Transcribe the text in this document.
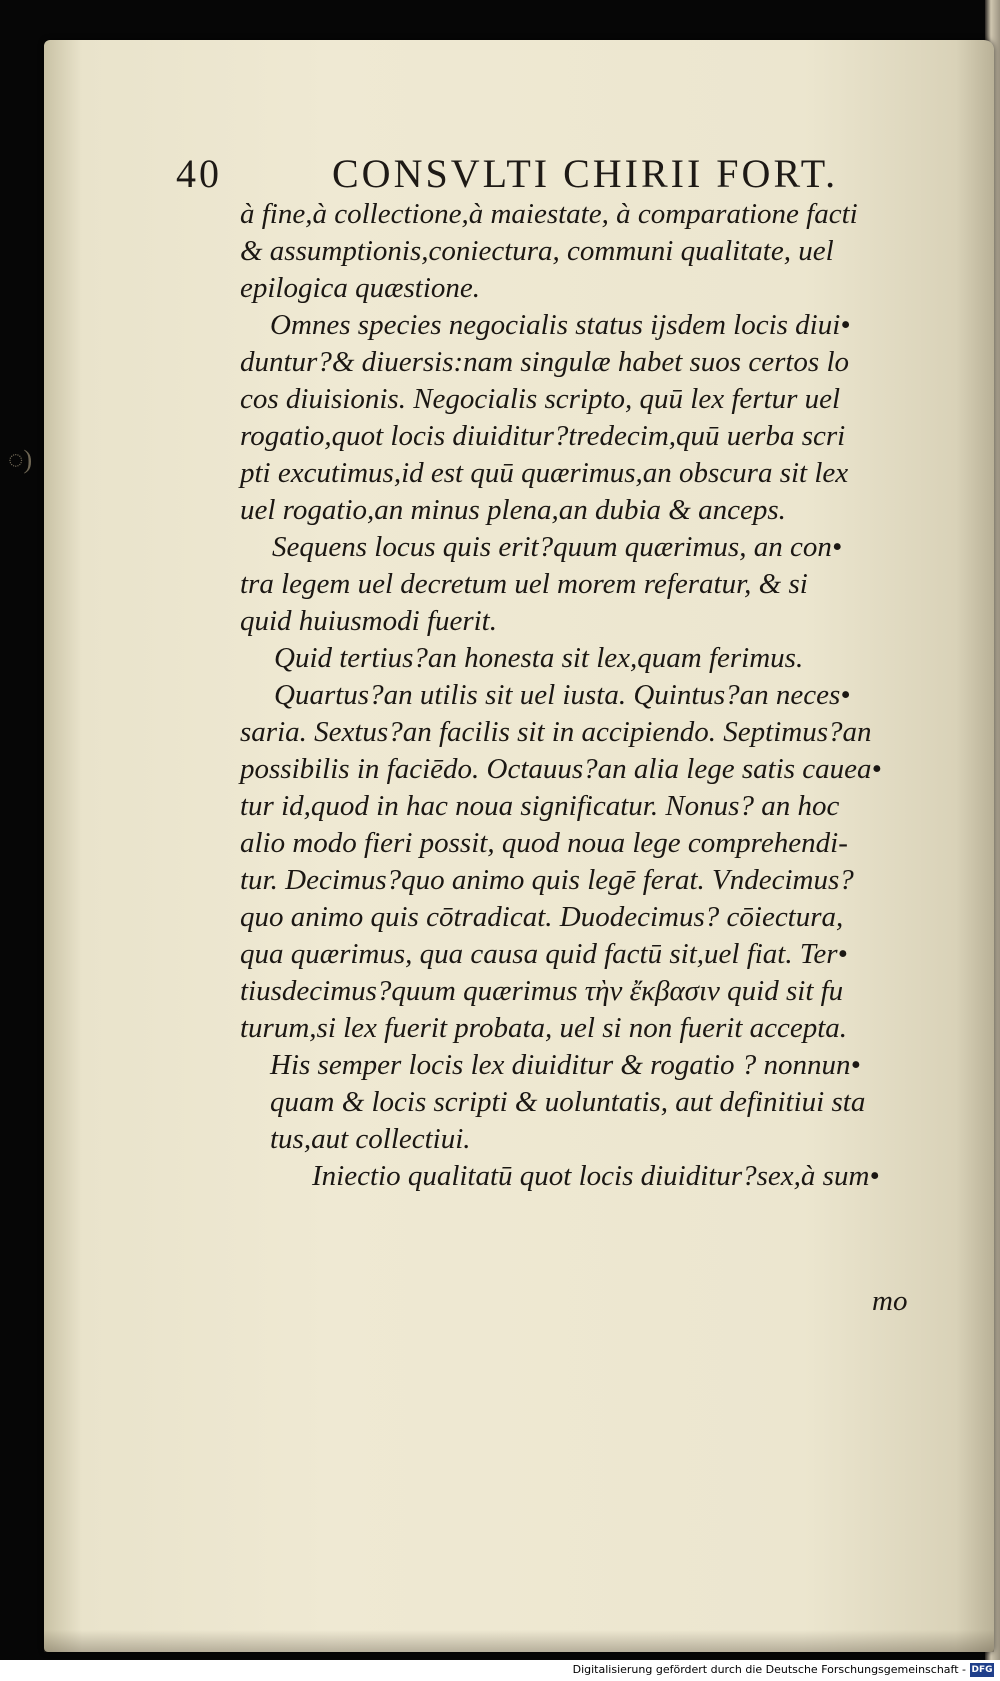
◌)
40	CONSVLTI CHIRII FORT.
à fine,à collectione,à maiestate, à comparatione facti
& assumptionis,coniectura, communi qualitate, uel
epilogica quæstione.
Omnes species negocialis status ijsdem locis diui•
duntur?& diuersis:nam singulæ habet suos certos lo
cos diuisionis. Negocialis scripto, quū lex fertur uel
rogatio,quot locis diuiditur?tredecim,quū uerba scri
pti excutimus,id est quū quærimus,an obscura sit lex
uel rogatio,an minus plena,an dubia & anceps.
Sequens locus quis erit?quum quærimus, an con•
tra legem uel decretum uel morem referatur, & si
quid huiusmodi fuerit.
Quid tertius?an honesta sit lex,quam ferimus.
Quartus?an utilis sit uel iusta. Quintus?an neces•
saria. Sextus?an facilis sit in accipiendo. Septimus?an
possibilis in faciēdo. Octauus?an alia lege satis cauea•
tur id,quod in hac noua significatur. Nonus? an hoc
alio modo fieri possit, quod noua lege comprehendi-
tur. Decimus?quo animo quis legē ferat. Vndecimus?
quo animo quis cōtradicat. Duodecimus? cōiectura,
qua quærimus, qua causa quid factū sit,uel fiat. Ter•
tiusdecimus?quum quærimus τὴν ἔκβασιν quid sit fu
turum,si lex fuerit probata, uel si non fuerit accepta.
His semper locis lex diuiditur & rogatio ? nonnun•
quam & locis scripti & uoluntatis, aut definitiui sta
tus,aut collectiui.
Iniectio qualitatū quot locis diuiditur?sex,à sum•
mo
Digitalisierung gefördert durch die Deutsche Forschungsgemeinschaft - DFG
